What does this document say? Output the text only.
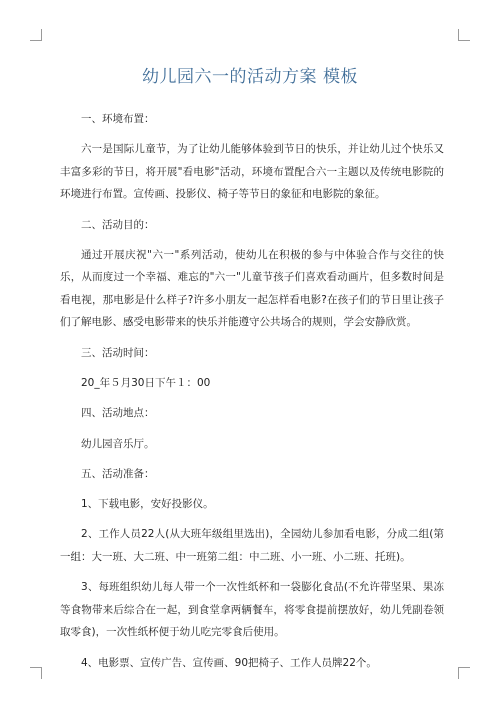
幼儿园六一的活动方案 模板

一、环境布置：

六一是国际儿童节，为了让幼儿能够体验到节日的快乐，并让幼儿过个快乐又丰富多彩的节日，将开展"看电影"活动，环境布置配合六一主题以及传统电影院的环境进行布置。宣传画、投影仪、椅子等节日的象征和电影院的象征。

二、活动目的：

通过开展庆祝"六一"系列活动，使幼儿在积极的参与中体验合作与交往的快乐，从而度过一个幸福、难忘的"六一"儿童节孩子们喜欢看动画片，但多数时间是看电视，那电影是什么样子?许多小朋友一起怎样看电影?在孩子们的节日里让孩子们了解电影、感受电影带来的快乐并能遵守公共场合的规则，学会安静欣赏。

三、活动时间：

20_年５月30日下午１：00

四、活动地点：

幼儿园音乐厅。

五、活动准备：

1、下载电影，安好投影仪。

2、工作人员22人(从大班年级组里选出)，全园幼儿参加看电影，分成二组(第一组：大一班、大二班、中一班第二组：中二班、小一班、小二班、托班)。

3、每班组织幼儿每人带一个一次性纸杯和一袋膨化食品(不允许带坚果、果冻等食物带来后综合在一起，到食堂拿两辆餐车，将零食提前摆放好，幼儿凭副卷领取零食)，一次性纸杯便于幼儿吃完零食后使用。

4、电影票、宣传广告、宣传画、90把椅子、工作人员牌22个。
